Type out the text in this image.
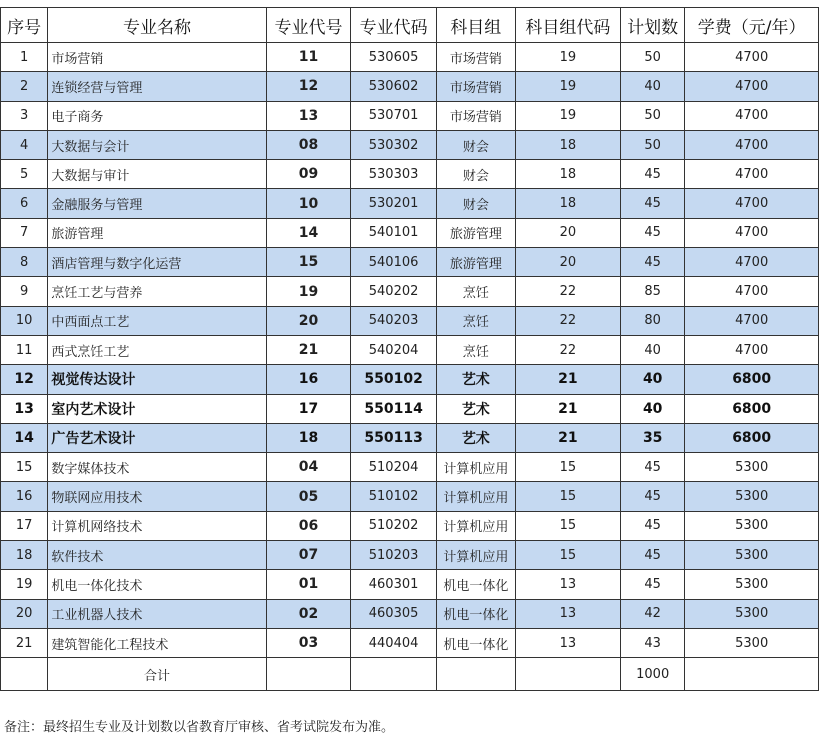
序号	专业名称	专业代号	专业代码	科目组	科目组代码	计划数	学费（元/年）
1	市场营销	11	530605	市场营销	19	50	4700
2	连锁经营与管理	12	530602	市场营销	19	40	4700
3	电子商务	13	530701	市场营销	19	50	4700
4	大数据与会计	08	530302	财会	18	50	4700
5	大数据与审计	09	530303	财会	18	45	4700
6	金融服务与管理	10	530201	财会	18	45	4700
7	旅游管理	14	540101	旅游管理	20	45	4700
8	酒店管理与数字化运营	15	540106	旅游管理	20	45	4700
9	烹饪工艺与营养	19	540202	烹饪	22	85	4700
10	中西面点工艺	20	540203	烹饪	22	80	4700
11	西式烹饪工艺	21	540204	烹饪	22	40	4700
12	视觉传达设计	16	550102	艺术	21	40	6800
13	室内艺术设计	17	550114	艺术	21	40	6800
14	广告艺术设计	18	550113	艺术	21	35	6800
15	数字媒体技术	04	510204	计算机应用	15	45	5300
16	物联网应用技术	05	510102	计算机应用	15	45	5300
17	计算机网络技术	06	510202	计算机应用	15	45	5300
18	软件技术	07	510203	计算机应用	15	45	5300
19	机电一体化技术	01	460301	机电一体化	13	45	5300
20	工业机器人技术	02	460305	机电一体化	13	42	5300
21	建筑智能化工程技术	03	440404	机电一体化	13	43	5300
	合计					1000	
备注：最终招生专业及计划数以省教育厅审核、省考试院发布为准。
